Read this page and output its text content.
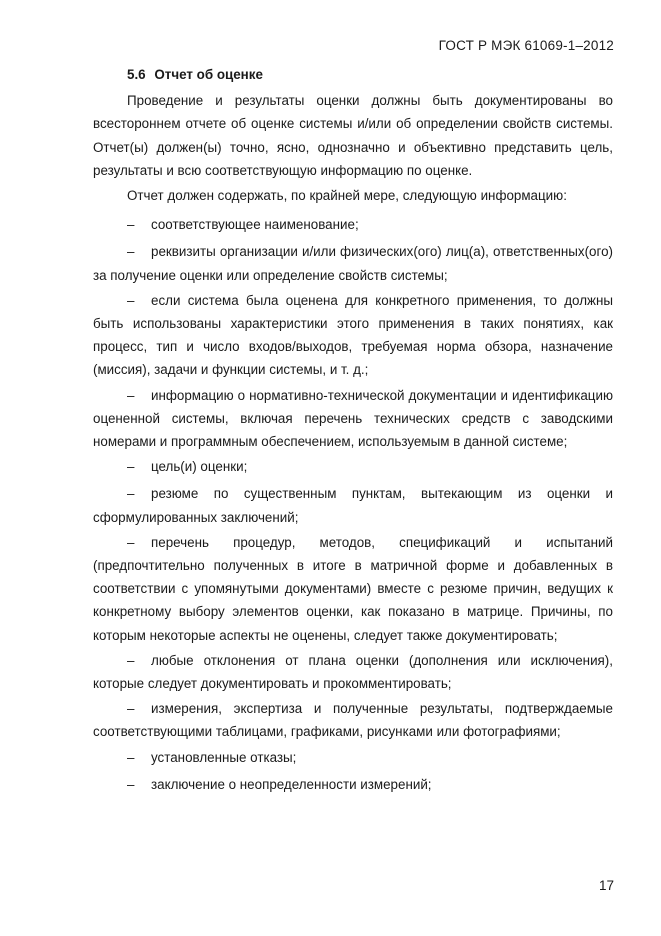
ГОСТ Р МЭК 61069-1–2012
5.6 Отчет об оценке

Проведение и результаты оценки должны быть документированы во всестороннем отчете об оценке системы и/или об определении свойств системы. Отчет(ы) должен(ы) точно, ясно, однозначно и объективно представить цель, результаты и всю соответствующую информацию по оценке.

Отчет должен содержать, по крайней мере, следующую информацию:

– соответствующее наименование;
– реквизиты организации и/или физических(ого) лиц(а), ответственных(ого) за получение оценки или определение свойств системы;
– если система была оценена для конкретного применения, то должны быть использованы характеристики этого применения в таких понятиях, как процесс, тип и число входов/выходов, требуемая норма обзора, назначение (миссия), задачи и функции системы, и т. д.;
– информацию о нормативно-технической документации и идентификацию оцененной системы, включая перечень технических средств с заводскими номерами и программным обеспечением, используемым в данной системе;
– цель(и) оценки;
– резюме по существенным пунктам, вытекающим из оценки и сформулированных заключений;
– перечень процедур, методов, спецификаций и испытаний (предпочтительно полученных в итоге в матричной форме и добавленных в соответствии с упомянутыми документами) вместе с резюме причин, ведущих к конкретному выбору элементов оценки, как показано в матрице. Причины, по которым некоторые аспекты не оценены, следует также документировать;
– любые отклонения от плана оценки (дополнения или исключения), которые следует документировать и прокомментировать;
– измерения, экспертиза и полученные результаты, подтверждаемые соответствующими таблицами, графиками, рисунками или фотографиями;
– установленные отказы;
– заключение о неопределенности измерений;
17
